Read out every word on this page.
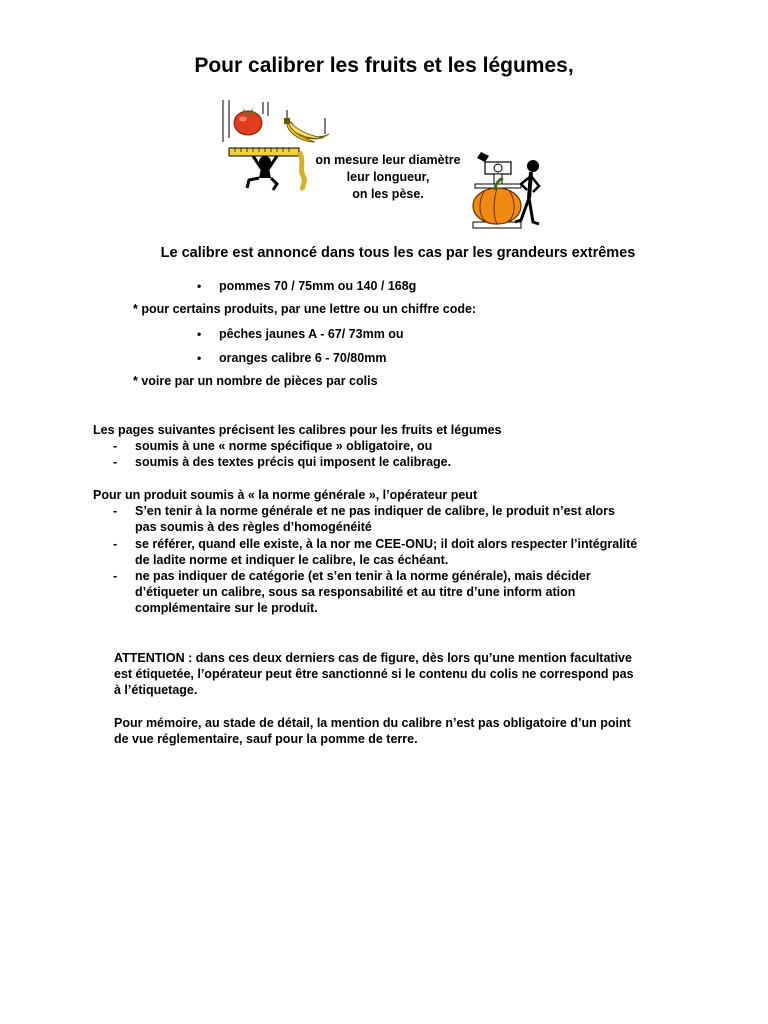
Pour calibrer les fruits et les légumes,
on mesure leur diamètre
leur longueur,
on les pèse.
Le calibre est annoncé dans tous les cas par les grandeurs extrêmes
• pommes 70 / 75mm ou 140 / 168g
* pour certains produits, par une lettre ou un chiffre code:
• pêches jaunes A - 67/ 73mm ou
• oranges calibre 6 - 70/80mm
* voire par un nombre de pièces par colis

Les pages suivantes précisent les calibres pour les fruits et légumes

- soumis à une « norme spécifique » obligatoire, ou
- soumis à des textes précis qui imposent le calibrage.

Pour un produit soumis à « la norme générale », l’opérateur peut

- S’en tenir à la norme générale et ne pas indiquer de calibre, le produit n’est alors
pas soumis à des règles d’homogénéité
- se référer, quand elle existe, à la nor me CEE-ONU; il doit alors respecter l’intégralité
de ladite norme et indiquer le calibre, le cas échéant.
- ne pas indiquer de catégorie (et s’en tenir à la norme générale), mais décider
d’étiqueter un calibre, sous sa responsabilité et au titre d’une inform ation
complémentaire sur le produit.
ATTENTION : dans ces deux derniers cas de figure, dès lors qu’une mention facultative
est étiquetée, l’opérateur peut être sanctionné si le contenu du colis ne correspond pas
à l’étiquetage.
Pour mémoire, au stade de détail, la mention du calibre n’est pas obligatoire d’un point
de vue réglementaire, sauf pour la pomme de terre.
